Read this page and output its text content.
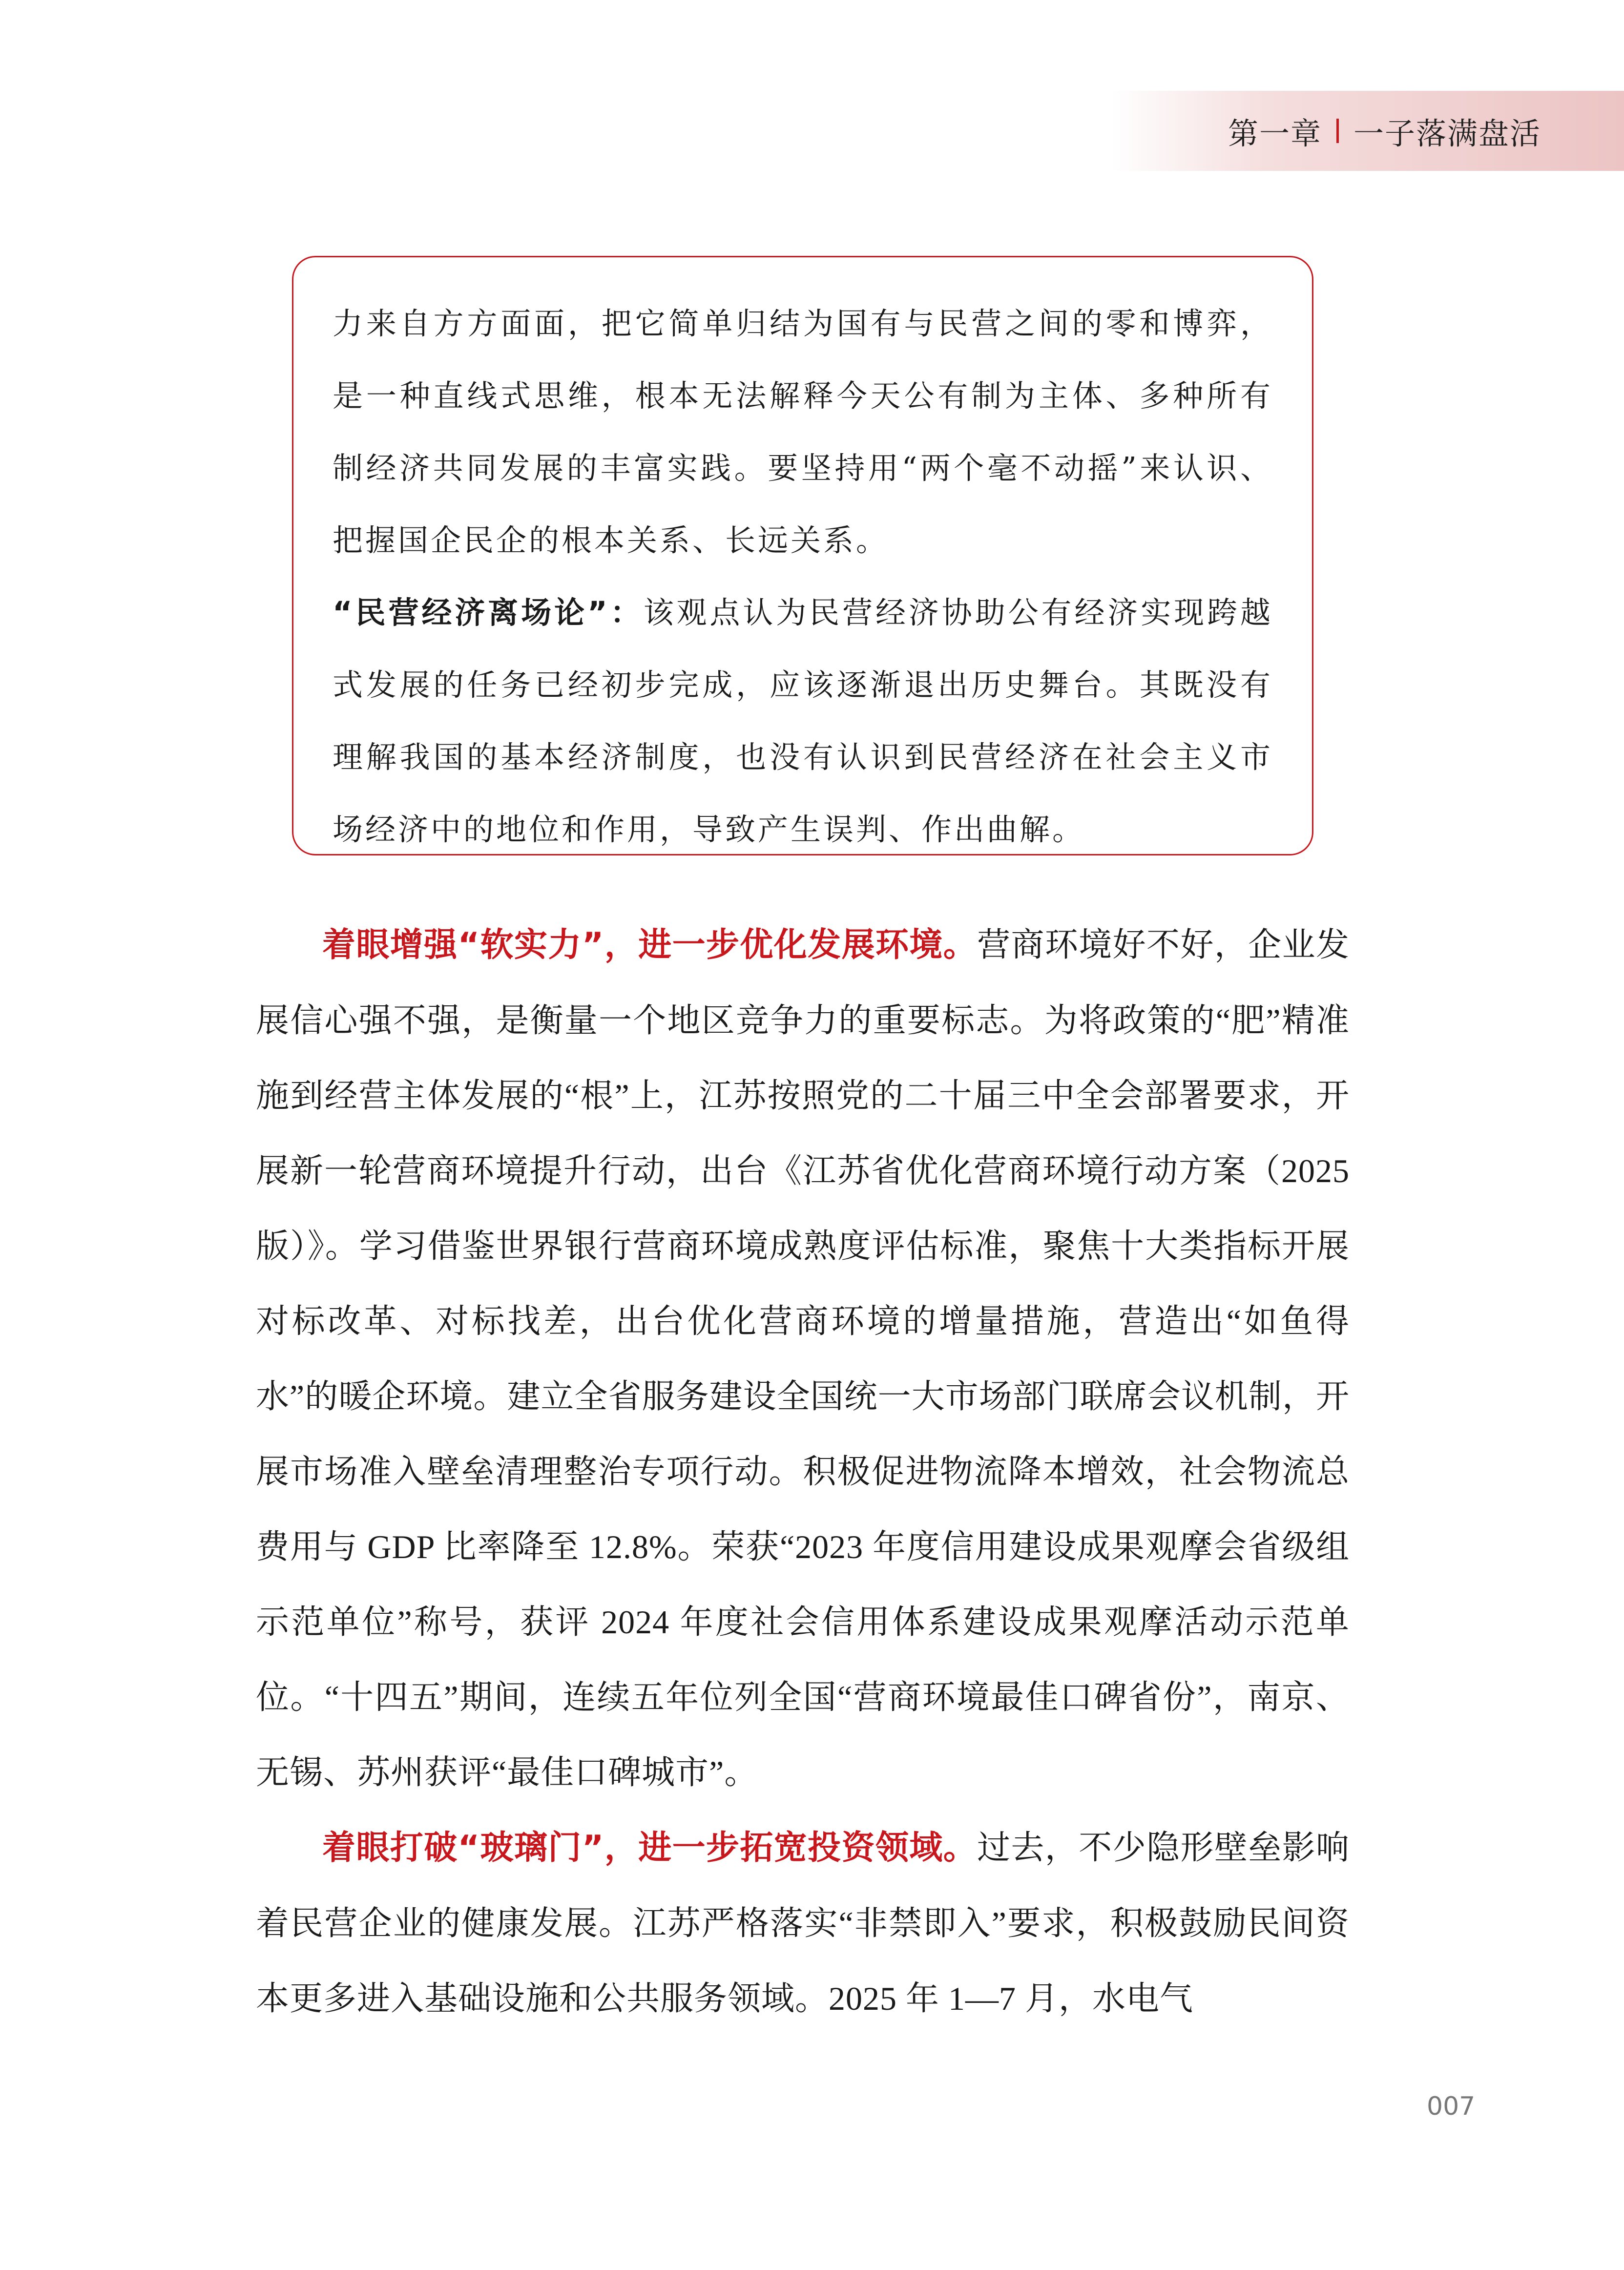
第一章 一子落满盘活

力来自方方面面，把它简单归结为国有与民营之间的零和博弈，是一种直线式思维，根本无法解释今天公有制为主体、多种所有制经济共同发展的丰富实践。要坚持用“两个毫不动摇”来认识、把握国企民企的根本关系、长远关系。

“民营经济离场论”：该观点认为民营经济协助公有经济实现跨越式发展的任务已经初步完成，应该逐渐退出历史舞台。其既没有理解我国的基本经济制度，也没有认识到民营经济在社会主义市场经济中的地位和作用，导致产生误判、作出曲解。

着眼增强“软实力”，进一步优化发展环境。营商环境好不好，企业发展信心强不强，是衡量一个地区竞争力的重要标志。为将政策的“肥”精准施到经营主体发展的“根”上，江苏按照党的二十届三中全会部署要求，开展新一轮营商环境提升行动，出台《江苏省优化营商环境行动方案（2025 版）》。学习借鉴世界银行营商环境成熟度评估标准，聚焦十大类指标开展对标改革、对标找差，出台优化营商环境的增量措施，营造出“如鱼得水”的暖企环境。建立全省服务建设全国统一大市场部门联席会议机制，开展市场准入壁垒清理整治专项行动。积极促进物流降本增效，社会物流总费用与 GDP 比率降至 12.8%。荣获“2023 年度信用建设成果观摩会省级组示范单位”称号，获评 2024 年度社会信用体系建设成果观摩活动示范单位。“十四五”期间，连续五年位列全国“营商环境最佳口碑省份”，南京、无锡、苏州获评“最佳口碑城市”。

着眼打破“玻璃门”，进一步拓宽投资领域。过去，不少隐形壁垒影响着民营企业的健康发展。江苏严格落实“非禁即入”要求，积极鼓励民间资本更多进入基础设施和公共服务领域。2025 年 1—7 月，水电气

007
